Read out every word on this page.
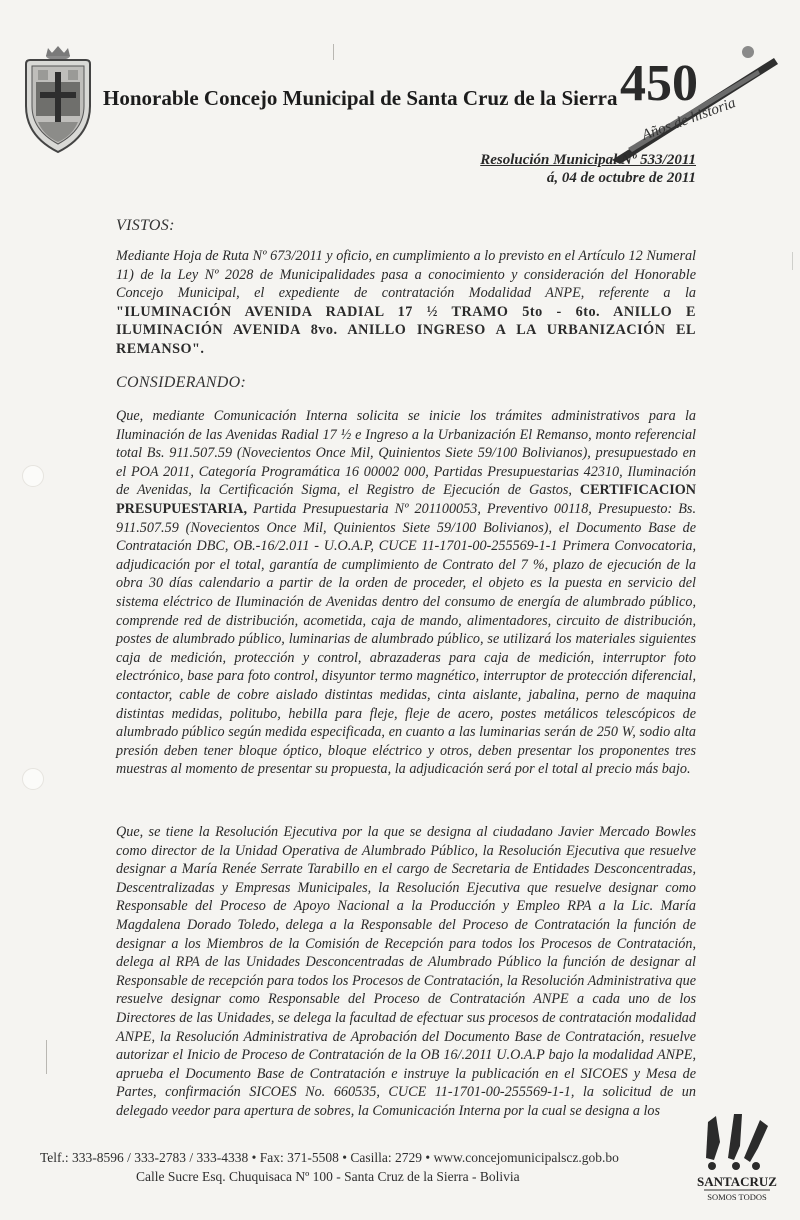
Honorable Concejo Municipal de Santa Cruz de la Sierra 450
Años de historia
Resolución Municipal Nº 533/2011
á, 04 de octubre de 2011
VISTOS:
Mediante Hoja de Ruta Nº 673/2011 y oficio, en cumplimiento a lo previsto en el Artículo 12 Numeral 11) de la Ley Nº 2028 de Municipalidades pasa a conocimiento y consideración del Honorable Concejo Municipal, el expediente de contratación Modalidad ANPE, referente a la "ILUMINACIÓN AVENIDA RADIAL 17 ½ TRAMO 5to - 6to. ANILLO E ILUMINACIÓN AVENIDA 8vo. ANILLO INGRESO A LA URBANIZACIÓN EL REMANSO".
CONSIDERANDO:
Que, mediante Comunicación Interna solicita se inicie los trámites administrativos para la Iluminación de las Avenidas Radial 17 ½ e Ingreso a la Urbanización El Remanso, monto referencial total Bs. 911.507.59 (Novecientos Once Mil, Quinientos Siete 59/100 Bolivianos), presupuestado en el POA 2011, Categoría Programática 16 00002 000, Partidas Presupuestarias 42310, Iluminación de Avenidas, la Certificación Sigma, el Registro de Ejecución de Gastos, CERTIFICACION PRESUPUESTARIA, Partida Presupuestaria Nº 201100053, Preventivo 00118, Presupuesto: Bs. 911.507.59 (Novecientos Once Mil, Quinientos Siete 59/100 Bolivianos), el Documento Base de Contratación DBC, OB.-16/2.011 - U.O.A.P, CUCE 11-1701-00-255569-1-1 Primera Convocatoria, adjudicación por el total, garantía de cumplimiento de Contrato del 7 %, plazo de ejecución de la obra 30 días calendario a partir de la orden de proceder, el objeto es la puesta en servicio del sistema eléctrico de Iluminación de Avenidas dentro del consumo de energía de alumbrado público, comprende red de distribución, acometida, caja de mando, alimentadores, circuito de distribución, postes de alumbrado público, luminarias de alumbrado público, se utilizará los materiales siguientes caja de medición, protección y control, abrazaderas para caja de medición, interruptor foto electrónico, base para foto control, disyuntor termo magnético, interruptor de protección diferencial, contactor, cable de cobre aislado distintas medidas, cinta aislante, jabalina, perno de maquina distintas medidas, politubo, hebilla para fleje, fleje de acero, postes metálicos telescópicos de alumbrado público según medida especificada, en cuanto a las luminarias serán de 250 W, sodio alta presión deben tener bloque óptico, bloque eléctrico y otros, deben presentar los proponentes tres muestras al momento de presentar su propuesta, la adjudicación será por el total al precio más bajo.
Que, se tiene la Resolución Ejecutiva por la que se designa al ciudadano Javier Mercado Bowles como director de la Unidad Operativa de Alumbrado Público, la Resolución Ejecutiva que resuelve designar a María Renée Serrate Tarabillo en el cargo de Secretaria de Entidades Desconcentradas, Descentralizadas y Empresas Municipales, la Resolución Ejecutiva que resuelve designar como Responsable del Proceso de Apoyo Nacional a la Producción y Empleo RPA a la Lic. María Magdalena Dorado Toledo, delega a la Responsable del Proceso de Contratación la función de designar a los Miembros de la Comisión de Recepción para todos los Procesos de Contratación, delega al RPA de las Unidades Desconcentradas de Alumbrado Público la función de designar al Responsable de recepción para todos los Procesos de Contratación, la Resolución Administrativa que resuelve designar como Responsable del Proceso de Contratación ANPE a cada uno de los Directores de las Unidades, se delega la facultad de efectuar sus procesos de contratación modalidad ANPE, la Resolución Administrativa de Aprobación del Documento Base de Contratación, resuelve autorizar el Inicio de Proceso de Contratación de la OB 16/.2011 U.O.A.P bajo la modalidad ANPE, aprueba el Documento Base de Contratación e instruye la publicación en el SICOES y Mesa de Partes, confirmación SICOES No. 660535, CUCE 11-1701-00-255569-1-1, la solicitud de un delegado veedor para apertura de sobres, la Comunicación Interna por la cual se designa a los
Telf.: 333-8596 / 333-2783 / 333-4338 • Fax: 371-5508 • Casilla: 2729 • www.concejomunicipalscz.gob.bo
Calle Sucre Esq. Chuquisaca Nº 100 - Santa Cruz de la Sierra - Bolivia	SANTACRUZ
SOMOS TODOS
